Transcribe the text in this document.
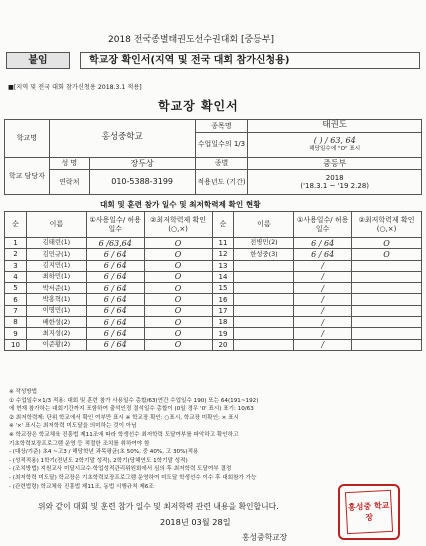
2018 전국종별태권도선수권대회 [중등부]
붙임	학교장 확인서(지역 및 전국 대회 참가신청용)
■[지역 및 전국 대회 참가신청용 2018.3.1 적용]
학교장 확인서
학교명	홍성중학교		종목명	태권도
			수업일수의 1/3	( ) / 63, 64
해당일수에 "O" 표시

학교 담당자	성 명	장두상	종별	중등부
	연락처	010-5388-3199	적용년도 (기간)	2018
('18.3.1 ~ '19 2.28)
대회 및 훈련 참가 일수 및 최저학력제 확인 현황
순	이름	①사용일수/ 허용일수	②최저학력제 확인(○,×)	순	이름	①사용일수/ 허용일수	②최저학력제 확인(○,×)
1	김태린(1)	6 /63,64	O	11	전병민(2)	6 / 64	O
2	김민규(1)	6 / 64	O	12	한성중(3)	6 / 64	O
3	김지민(1)	6 / 64	O	13		/	
4	최하민(1)	6 / 64	O	14		/	
5	박서준(1)	6 / 64	O	15		/	
6	박홍혁(1)	6 / 64	O	16		/	
7	이명민(1)	6 / 64	O	17		/	
8	배한성(2)	6 / 64	O	18		/	
9	최지성(2)	6 / 64	O	19		/	
10	이준황(2)	6 / 64	O	20		/	
※ 작성방법
① 수업일수×1/3 적용: 대회 및 훈련 참가 사용일수 총합/63(연간 수업일수 190) 또는 64(191~192)
에 현재 참가하는 대회기간까지 포함하여 출석인정 결석일수 총합이 (0일 경우 '0' 표시) 표기: 10/63
② 최저학력제: 단위 학교에서 확인 여부만 표시 ※ 학교장 확인: ○표시, 학교장 미확인: × 표시
※ '×' 표시는 최저학력 미도달을 의미하는 것이 아님
※ 학교장은 학교체육 진흥법 제11조에 따라 학생선수 최저학력 도달여부를 파악하고 확인하고
기초학력보장프로그램 운영 등 적절한 조치를 취하여야 함
- (대상/기준) 초4 ~고3 / 해당학년 과목평균(초 50%, 중 40%, 고 30%)적용
- (성적적용) 1학기(전년도 2학기말 성적), 2학기(당해연도 1학기말 성적)
- (조치방법) 지원교사 미달시교수·학업성적관리위원회에서 심의 후 최저학력 도달여부 결정
- (최저학력 미도달) 학교장은 기초학력보장프로그램 운영하여 미도달 학생선수 이수 후 대회참가 가능
- (관련법령) 학교체육 진흥법 제11조, 동법 시행규칙 제6조
위와 같이 대회 및 훈련 참가 일수 및 최저학력 관련 내용을 확인합니다.
2018년 03월 28일
홍성중학교장
홍성중 학교장
